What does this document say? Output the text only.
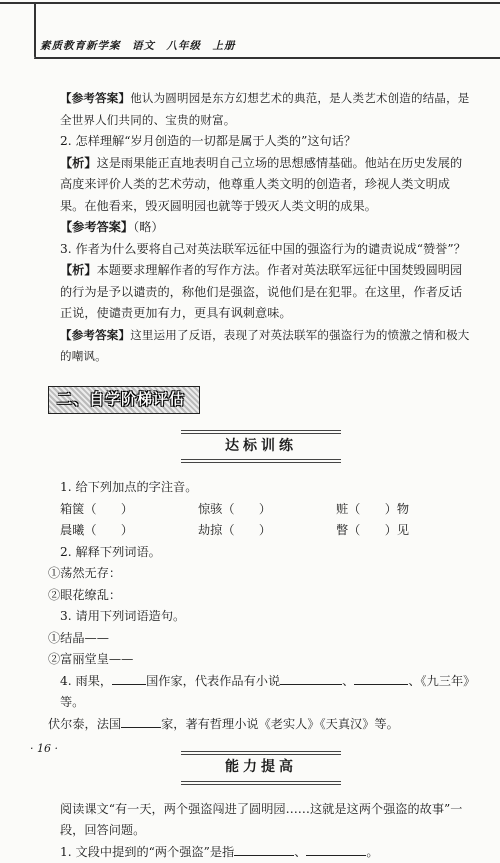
素质教育新学案　语文　八年级　上册

【参考答案】他认为圆明园是东方幻想艺术的典范，是人类艺术创造的结晶，是全世界人们共同的、宝贵的财富。

2. 怎样理解“岁月创造的一切都是属于人类的”这句话？

【析】这是雨果能正直地表明自己立场的思想感情基础。他站在历史发展的高度来评价人类的艺术劳动，他尊重人类文明的创造者，珍视人类文明成果。在他看来，毁灭圆明园也就等于毁灭人类文明的成果。

【参考答案】（略）

3. 作者为什么要将自己对英法联军远征中国的强盗行为的谴责说成“赞誉”？

【析】本题要求理解作者的写作方法。作者对英法联军远征中国焚毁圆明园的行为是予以谴责的，称他们是强盗，说他们是在犯罪。在这里，作者反话正说，使谴责更加有力，更具有讽刺意味。

【参考答案】这里运用了反语，表现了对英法联军的强盗行为的愤激之情和极大的嘲讽。

二、自学阶梯评估
达标训练

1. 给下列加点的字注音。

箱箧（　　）	惊骇（　　）	赃（　　）物
晨曦（　　）	劫掠（　　）	瞥（　　）见

2. 解释下列词语。

①荡然无存：

②眼花缭乱：

3. 请用下列词语造句。

①结晶——

②富丽堂皇——

4. 雨果，	国作家，代表作品有小说	、	、《九三年》等。

伏尔泰，法国	家，著有哲理小说《老实人》《天真汉》等。

能力提高

阅读课文“有一天，两个强盗闯进了圆明园……这就是这两个强盗的故事”一段，回答问题。

1. 文段中提到的“两个强盗”是指	、	。

· 16 ·
